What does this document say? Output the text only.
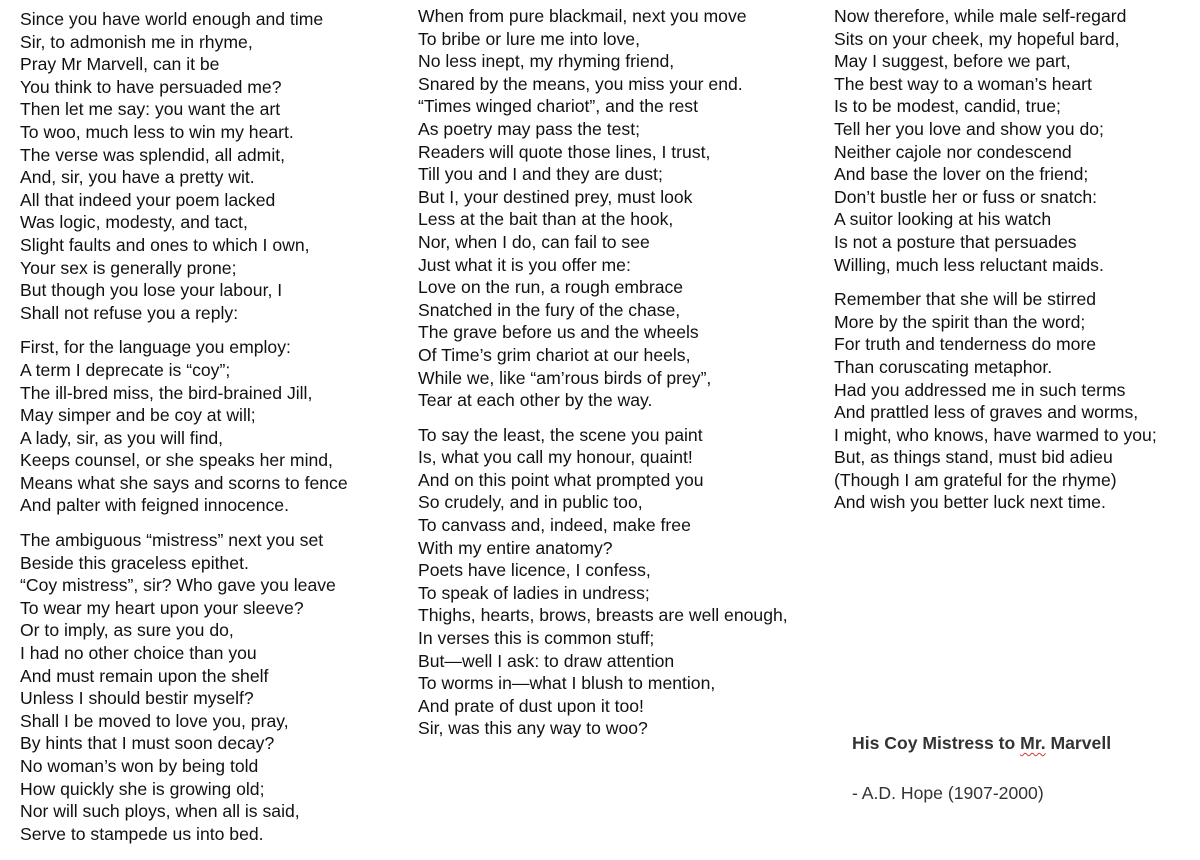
Since you have world enough and time
Sir, to admonish me in rhyme,
Pray Mr Marvell, can it be
You think to have persuaded me?
Then let me say: you want the art
To woo, much less to win my heart.
The verse was splendid, all admit,
And, sir, you have a pretty wit.
All that indeed your poem lacked
Was logic, modesty, and tact,
Slight faults and ones to which I own,
Your sex is generally prone;
But though you lose your labour, I
Shall not refuse you a reply:
First, for the language you employ:
A term I deprecate is “coy”;
The ill-bred miss, the bird-brained Jill,
May simper and be coy at will;
A lady, sir, as you will find,
Keeps counsel, or she speaks her mind,
Means what she says and scorns to fence
And palter with feigned innocence.
The ambiguous “mistress” next you set
Beside this graceless epithet.
“Coy mistress”, sir? Who gave you leave
To wear my heart upon your sleeve?
Or to imply, as sure you do,
I had no other choice than you
And must remain upon the shelf
Unless I should bestir myself?
Shall I be moved to love you, pray,
By hints that I must soon decay?
No woman’s won by being told
How quickly she is growing old;
Nor will such ploys, when all is said,
Serve to stampede us into bed.
When from pure blackmail, next you move
To bribe or lure me into love,
No less inept, my rhyming friend,
Snared by the means, you miss your end.
“Times winged chariot”, and the rest
As poetry may pass the test;
Readers will quote those lines, I trust,
Till you and I and they are dust;
But I, your destined prey, must look
Less at the bait than at the hook,
Nor, when I do, can fail to see
Just what it is you offer me:
Love on the run, a rough embrace
Snatched in the fury of the chase,
The grave before us and the wheels
Of Time’s grim chariot at our heels,
While we, like “am’rous birds of prey”,
Tear at each other by the way.
To say the least, the scene you paint
Is, what you call my honour, quaint!
And on this point what prompted you
So crudely, and in public too,
To canvass and, indeed, make free
With my entire anatomy?
Poets have licence, I confess,
To speak of ladies in undress;
Thighs, hearts, brows, breasts are well enough,
In verses this is common stuff;
But—well I ask: to draw attention
To worms in—what I blush to mention,
And prate of dust upon it too!
Sir, was this any way to woo?
Now therefore, while male self-regard
Sits on your cheek, my hopeful bard,
May I suggest, before we part,
The best way to a woman’s heart
Is to be modest, candid, true;
Tell her you love and show you do;
Neither cajole nor condescend
And base the lover on the friend;
Don’t bustle her or fuss or snatch:
A suitor looking at his watch
Is not a posture that persuades
Willing, much less reluctant maids.
Remember that she will be stirred
More by the spirit than the word;
For truth and tenderness do more
Than coruscating metaphor.
Had you addressed me in such terms
And prattled less of graves and worms,
I might, who knows, have warmed to you;
But, as things stand, must bid adieu
(Though I am grateful for the rhyme)
And wish you better luck next time.
His Coy Mistress to Mr. Marvell
- A.D. Hope (1907-2000)
